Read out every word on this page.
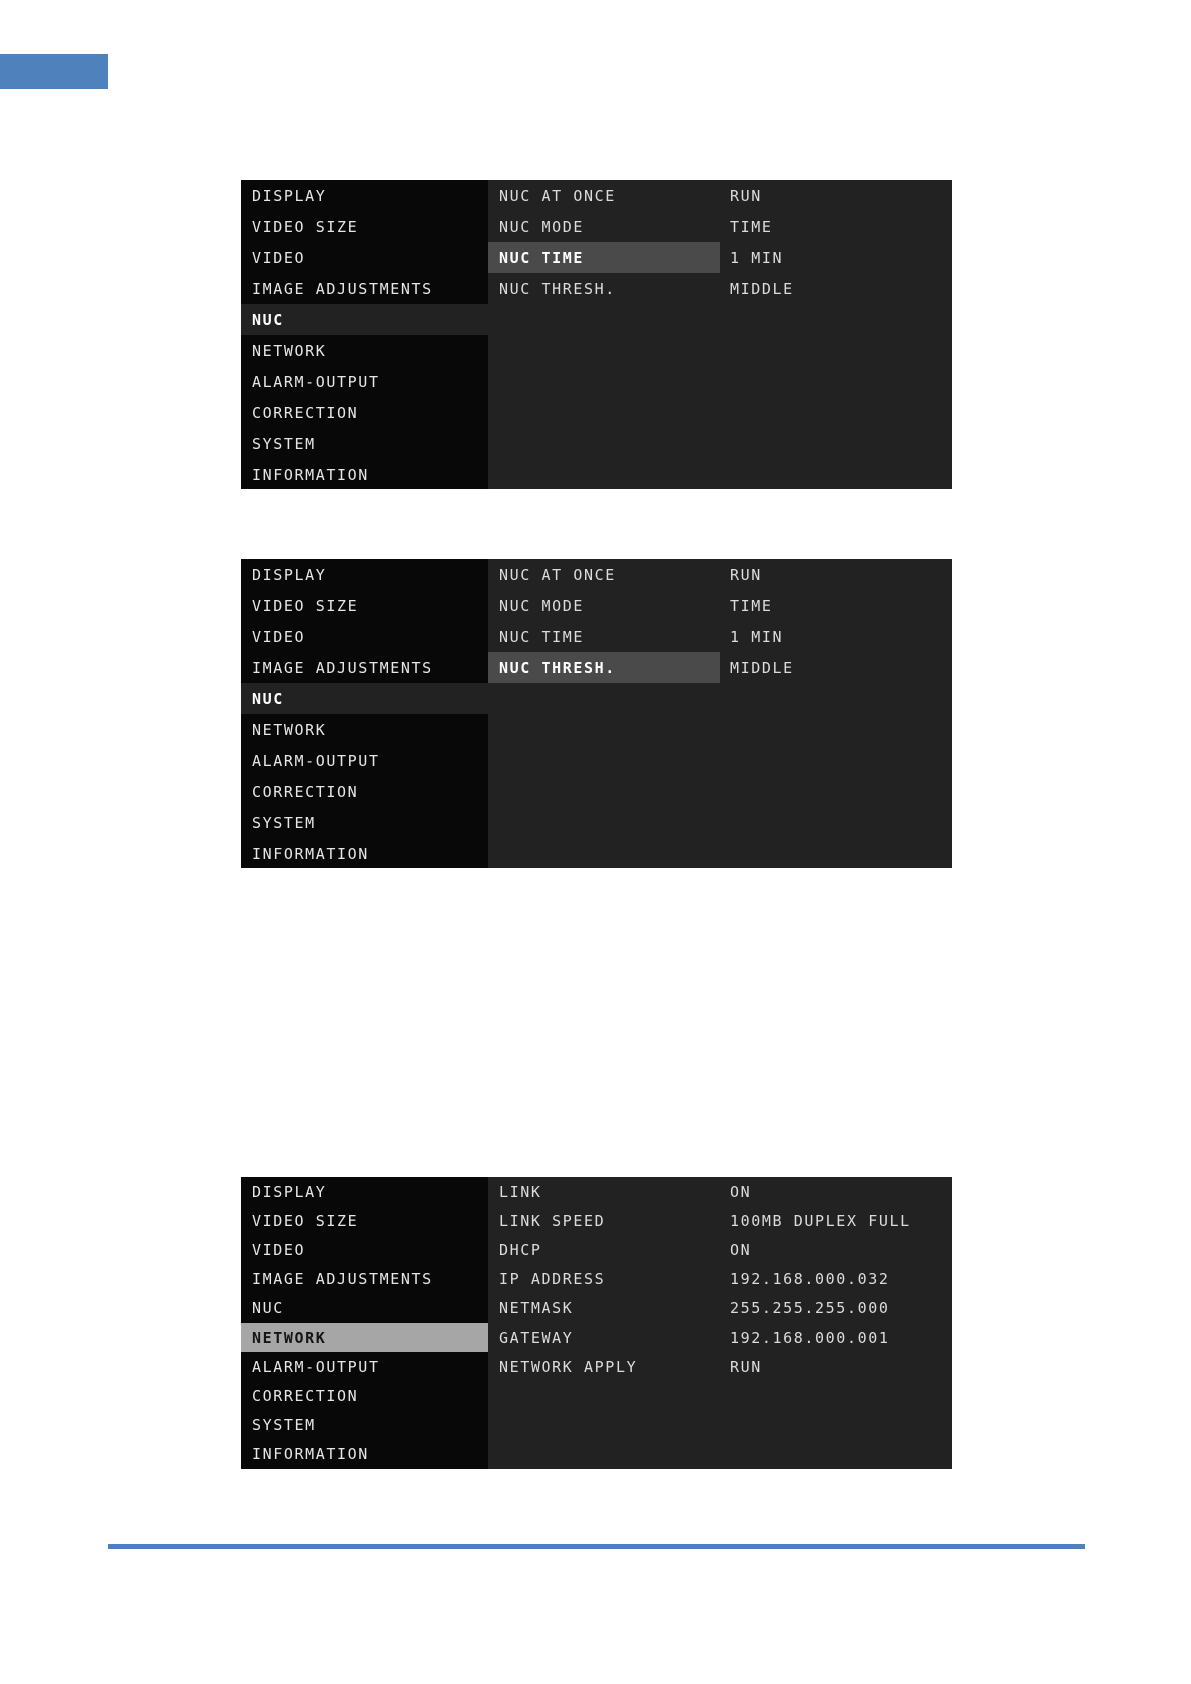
DISPLAY
VIDEO SIZE
VIDEO
IMAGE ADJUSTMENTS
NUC
NETWORK
ALARM-OUTPUT
CORRECTION
SYSTEM
INFORMATION
NUC AT ONCE	RUN
NUC MODE	TIME
NUC TIME	1 MIN
NUC THRESH.	MIDDLE
DISPLAY
VIDEO SIZE
VIDEO
IMAGE ADJUSTMENTS
NUC
NETWORK
ALARM-OUTPUT
CORRECTION
SYSTEM
INFORMATION
NUC AT ONCE	RUN
NUC MODE	TIME
NUC TIME	1 MIN
NUC THRESH.	MIDDLE
DISPLAY
VIDEO SIZE
VIDEO
IMAGE ADJUSTMENTS
NUC
NETWORK
ALARM-OUTPUT
CORRECTION
SYSTEM
INFORMATION
LINK	ON
LINK SPEED	100MB DUPLEX FULL
DHCP	ON
IP ADDRESS	192.168.000.032
NETMASK	255.255.255.000
GATEWAY	192.168.000.001
NETWORK APPLY	RUN
